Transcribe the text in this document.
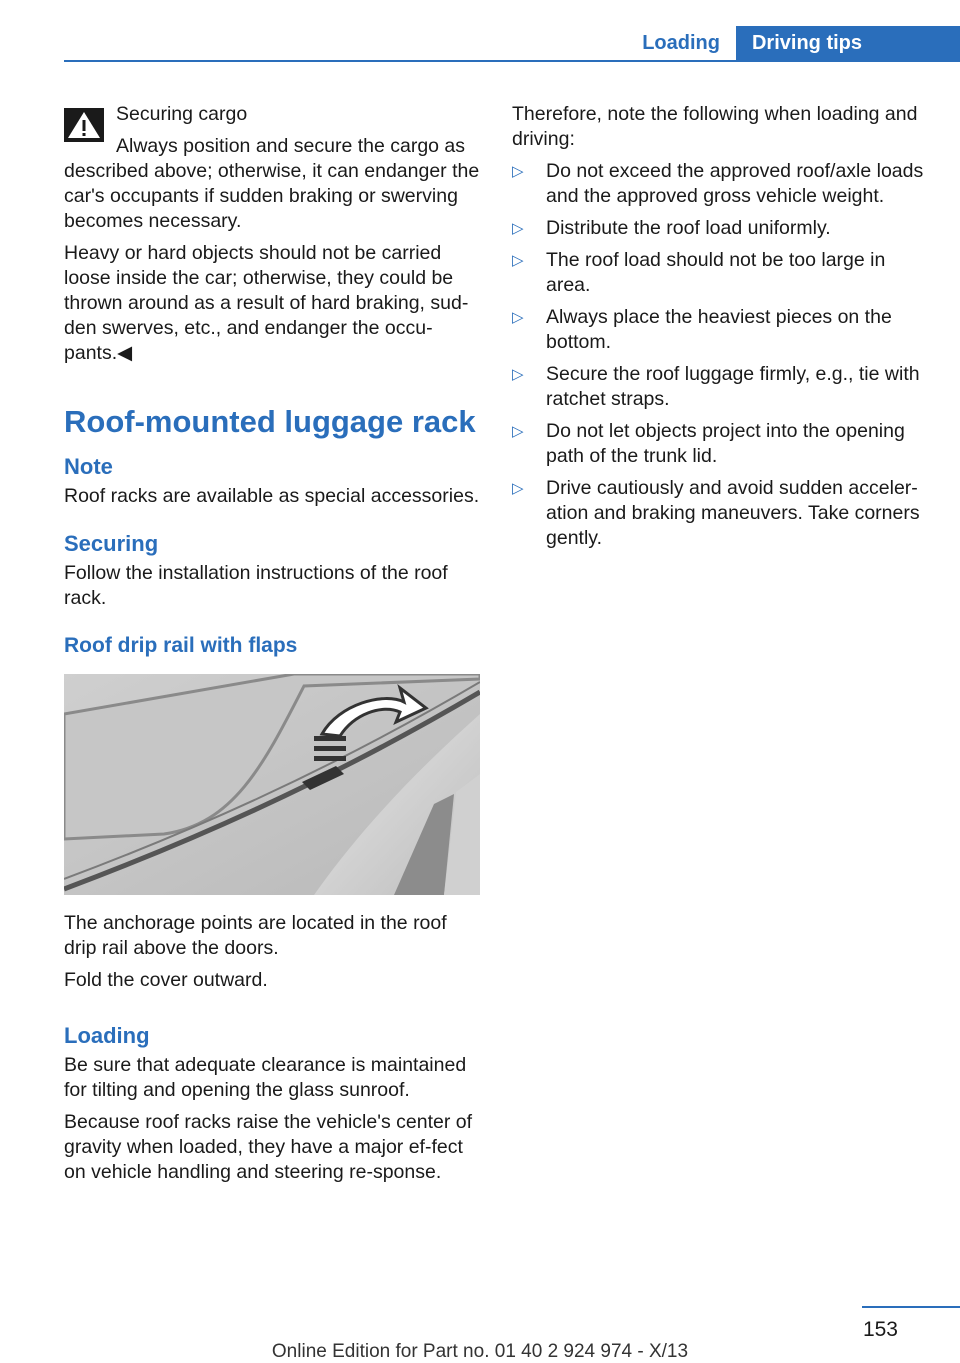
Loading	Driving tips

Securing cargo

Always position and secure the cargo as described above; otherwise, it can endanger the car's occupants if sudden braking or swerving becomes necessary.

Heavy or hard objects should not be carried loose inside the car; otherwise, they could be thrown around as a result of hard braking, sud‐den swerves, etc., and endanger the occu‐pants.◀

Roof-mounted luggage rack
Note

Roof racks are available as special accessories.

Securing

Follow the installation instructions of the roof rack.

Roof drip rail with flaps

The anchorage points are located in the roof drip rail above the doors.

Fold the cover outward.

Loading

Be sure that adequate clearance is maintained for tilting and opening the glass sunroof.

Because roof racks raise the vehicle's center of gravity when loaded, they have a major ef‐fect on vehicle handling and steering re‐sponse.

Therefore, note the following when loading and driving:

▷ Do not exceed the approved roof/axle loads and the approved gross vehicle weight.
▷ Distribute the roof load uniformly.
▷ The roof load should not be too large in area.
▷ Always place the heaviest pieces on the bottom.
▷ Secure the roof luggage firmly, e.g., tie with ratchet straps.
▷ Do not let objects project into the opening path of the trunk lid.
▷ Drive cautiously and avoid sudden acceler‐ation and braking maneuvers. Take corners gently.
153
Online Edition for Part no. 01 40 2 924 974 - X/13
